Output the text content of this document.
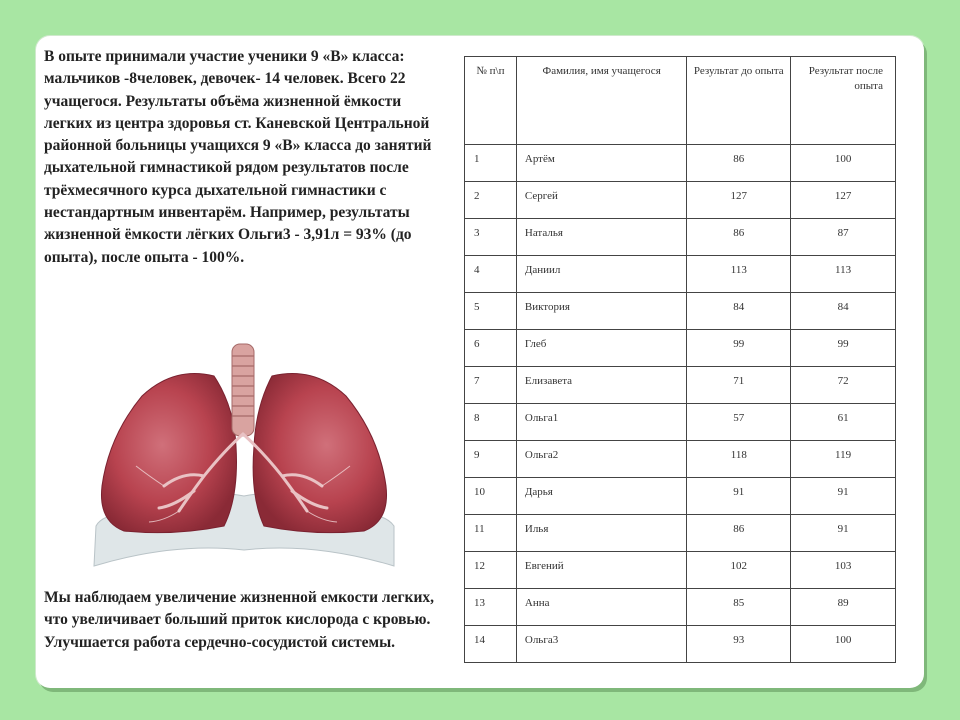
В опыте принимали участие ученики 9 «В» класса: мальчиков -8человек, девочек- 14 человек. Всего 22 учащегося. Результаты объёма жизненной ёмкости легких из центра здоровья ст. Каневской Центральной районной больницы учащихся 9 «В» класса до занятий дыхательной гимнастикой рядом результатов после трёхмесячного курса дыхательной гимнастики с нестандартным инвентарём. Например, результаты жизненной ёмкости лёгких Ольги3 - 3,91л = 93% (до опыта), после опыта - 100%.
Мы наблюдаем увеличение жизненной емкости легких, что увеличивает больший приток кислорода с кровью. Улучшается работа сердечно-сосудистой системы.
№ п\п	Фамилия, имя учащегося	Результат до опыта	Результат после опыта
1	Артём	86	100
2	Сергей	127	127
3	Наталья	86	87
4	Даниил	113	113
5	Виктория	84	84
6	Глеб	99	99
7	Елизавета	71	72
8	Ольга1	57	61
9	Ольга2	118	119
10	Дарья	91	91
11	Илья	86	91
12	Евгений	102	103
13	Анна	85	89
14	Ольга3	93	100
